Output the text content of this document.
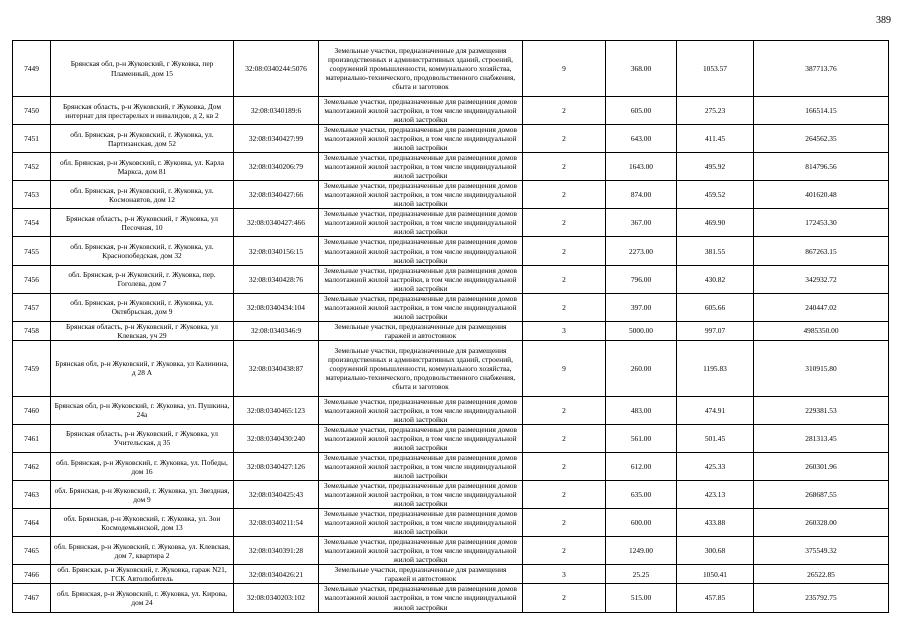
389
7449	Брянская обл, р-н Жуковский, г Жуковка, пер Пламенный, дом 15	32:08:0340244:5076	Земельные участки, предназначенные для размещения производственных и административных зданий, строений, сооружений промышленности, коммунального хозяйства, материально-технического, продовольственного снабжения, сбыта и заготовок	9	368.00	1053.57	387713.76
7450	Брянская область, р-н Жуковский, г Жуковка, Дом интернат для престарелых и инвалидов, д 2, кв 2	32:08:0340189:6	Земельные участки, предназначенные для размещения домов малоэтажной жилой застройки, в том числе индивидуальной жилой застройки	2	605.00	275.23	166514.15
7451	обл. Брянская, р-н Жуковский, г. Жуковка, ул. Партизанская, дом 52	32:08:0340427:99	Земельные участки, предназначенные для размещения домов малоэтажной жилой застройки, в том числе индивидуальной жилой застройки	2	643.00	411.45	264562.35
7452	обл. Брянская, р-н Жуковский, г. Жуковка, ул. Карла Маркса, дом 81	32:08:0340206:79	Земельные участки, предназначенные для размещения домов малоэтажной жилой застройки, в том числе индивидуальной жилой застройки	2	1643.00	495.92	814796.56
7453	обл. Брянская, р-н Жуковский, г. Жуковка, ул. Космонавтов, дом 12	32:08:0340427:66	Земельные участки, предназначенные для размещения домов малоэтажной жилой застройки, в том числе индивидуальной жилой застройки	2	874.00	459.52	401620.48
7454	Брянская область, р-н Жуковский, г Жуковка, ул Песочная, 10	32:08:0340427:466	Земельные участки, предназначенные для размещения домов малоэтажной жилой застройки, в том числе индивидуальной жилой застройки	2	367.00	469.90	172453.30
7455	обл. Брянская, р-н Жуковский, г. Жуковка, ул. Краснопобедская, дом 32	32:08:0340156:15	Земельные участки, предназначенные для размещения домов малоэтажной жилой застройки, в том числе индивидуальной жилой застройки	2	2273.00	381.55	867263.15
7456	обл. Брянская, р-н Жуковский, г. Жуковка, пер. Гоголева, дом 7	32:08:0340428:76	Земельные участки, предназначенные для размещения домов малоэтажной жилой застройки, в том числе индивидуальной жилой застройки	2	796.00	430.82	342932.72
7457	обл. Брянская, р-н Жуковский, г. Жуковка, ул. Октябрьская, дом 9	32:08:0340434:104	Земельные участки, предназначенные для размещения домов малоэтажной жилой застройки, в том числе индивидуальной жилой застройки	2	397.00	605.66	240447.02
7458	Брянская область, р-н Жуковский, г Жуковка, ул Клевская, уч 29	32:08:0340346:9	Земельные участки, предназначенные для размещения гаражей и автостоянок	3	5000.00	997.07	4985350.00
7459	Брянская обл, р-н Жуковский, г Жуковка, ул Калинина, д 28 А	32:08:0340438:87	Земельные участки, предназначенные для размещения производственных и административных зданий, строений, сооружений промышленности, коммунального хозяйства, материально-технического, продовольственного снабжения, сбыта и заготовок	9	260.00	1195.83	310915.80
7460	Брянская обл, р-н Жуковский, г. Жуковка, ул. Пушкина, 24а	32:08:0340465:123	Земельные участки, предназначенные для размещения домов малоэтажной жилой застройки, в том числе индивидуальной жилой застройки	2	483.00	474.91	229381.53
7461	Брянская область, р-н Жуковский, г Жуковка, ул Учительская, д 35	32:08:0340430:240	Земельные участки, предназначенные для размещения домов малоэтажной жилой застройки, в том числе индивидуальной жилой застройки	2	561.00	501.45	281313.45
7462	обл. Брянская, р-н Жуковский, г. Жуковка, ул. Победы, дом 16	32:08:0340427:126	Земельные участки, предназначенные для размещения домов малоэтажной жилой застройки, в том числе индивидуальной жилой застройки	2	612.00	425.33	260301.96
7463	обл. Брянская, р-н Жуковский, г. Жуковка, ул. Звездная, дом 9	32:08:0340425:43	Земельные участки, предназначенные для размещения домов малоэтажной жилой застройки, в том числе индивидуальной жилой застройки	2	635.00	423.13	268687.55
7464	обл. Брянская, р-н Жуковский, г. Жуковка, ул. Зои Космодемьянской, дом 13	32:08:0340211:54	Земельные участки, предназначенные для размещения домов малоэтажной жилой застройки, в том числе индивидуальной жилой застройки	2	600.00	433.88	260328.00
7465	обл. Брянская, р-н Жуковский, г. Жуковка, ул. Клевская, дом 7, квартира 2	32:08:0340391:28	Земельные участки, предназначенные для размещения домов малоэтажной жилой застройки, в том числе индивидуальной жилой застройки	2	1249.00	300.68	375549.32
7466	обл. Брянская, р-н Жуковский, г. Жуковка, гараж N21, ГСК Автолюбитель	32:08:0340426:21	Земельные участки, предназначенные для размещения гаражей и автостоянок	3	25.25	1050.41	26522.85
7467	обл. Брянская, р-н Жуковский, г. Жуковка, ул. Кирова, дом 24	32:08:0340203:102	Земельные участки, предназначенные для размещения домов малоэтажной жилой застройки, в том числе индивидуальной жилой застройки	2	515.00	457.85	235792.75
